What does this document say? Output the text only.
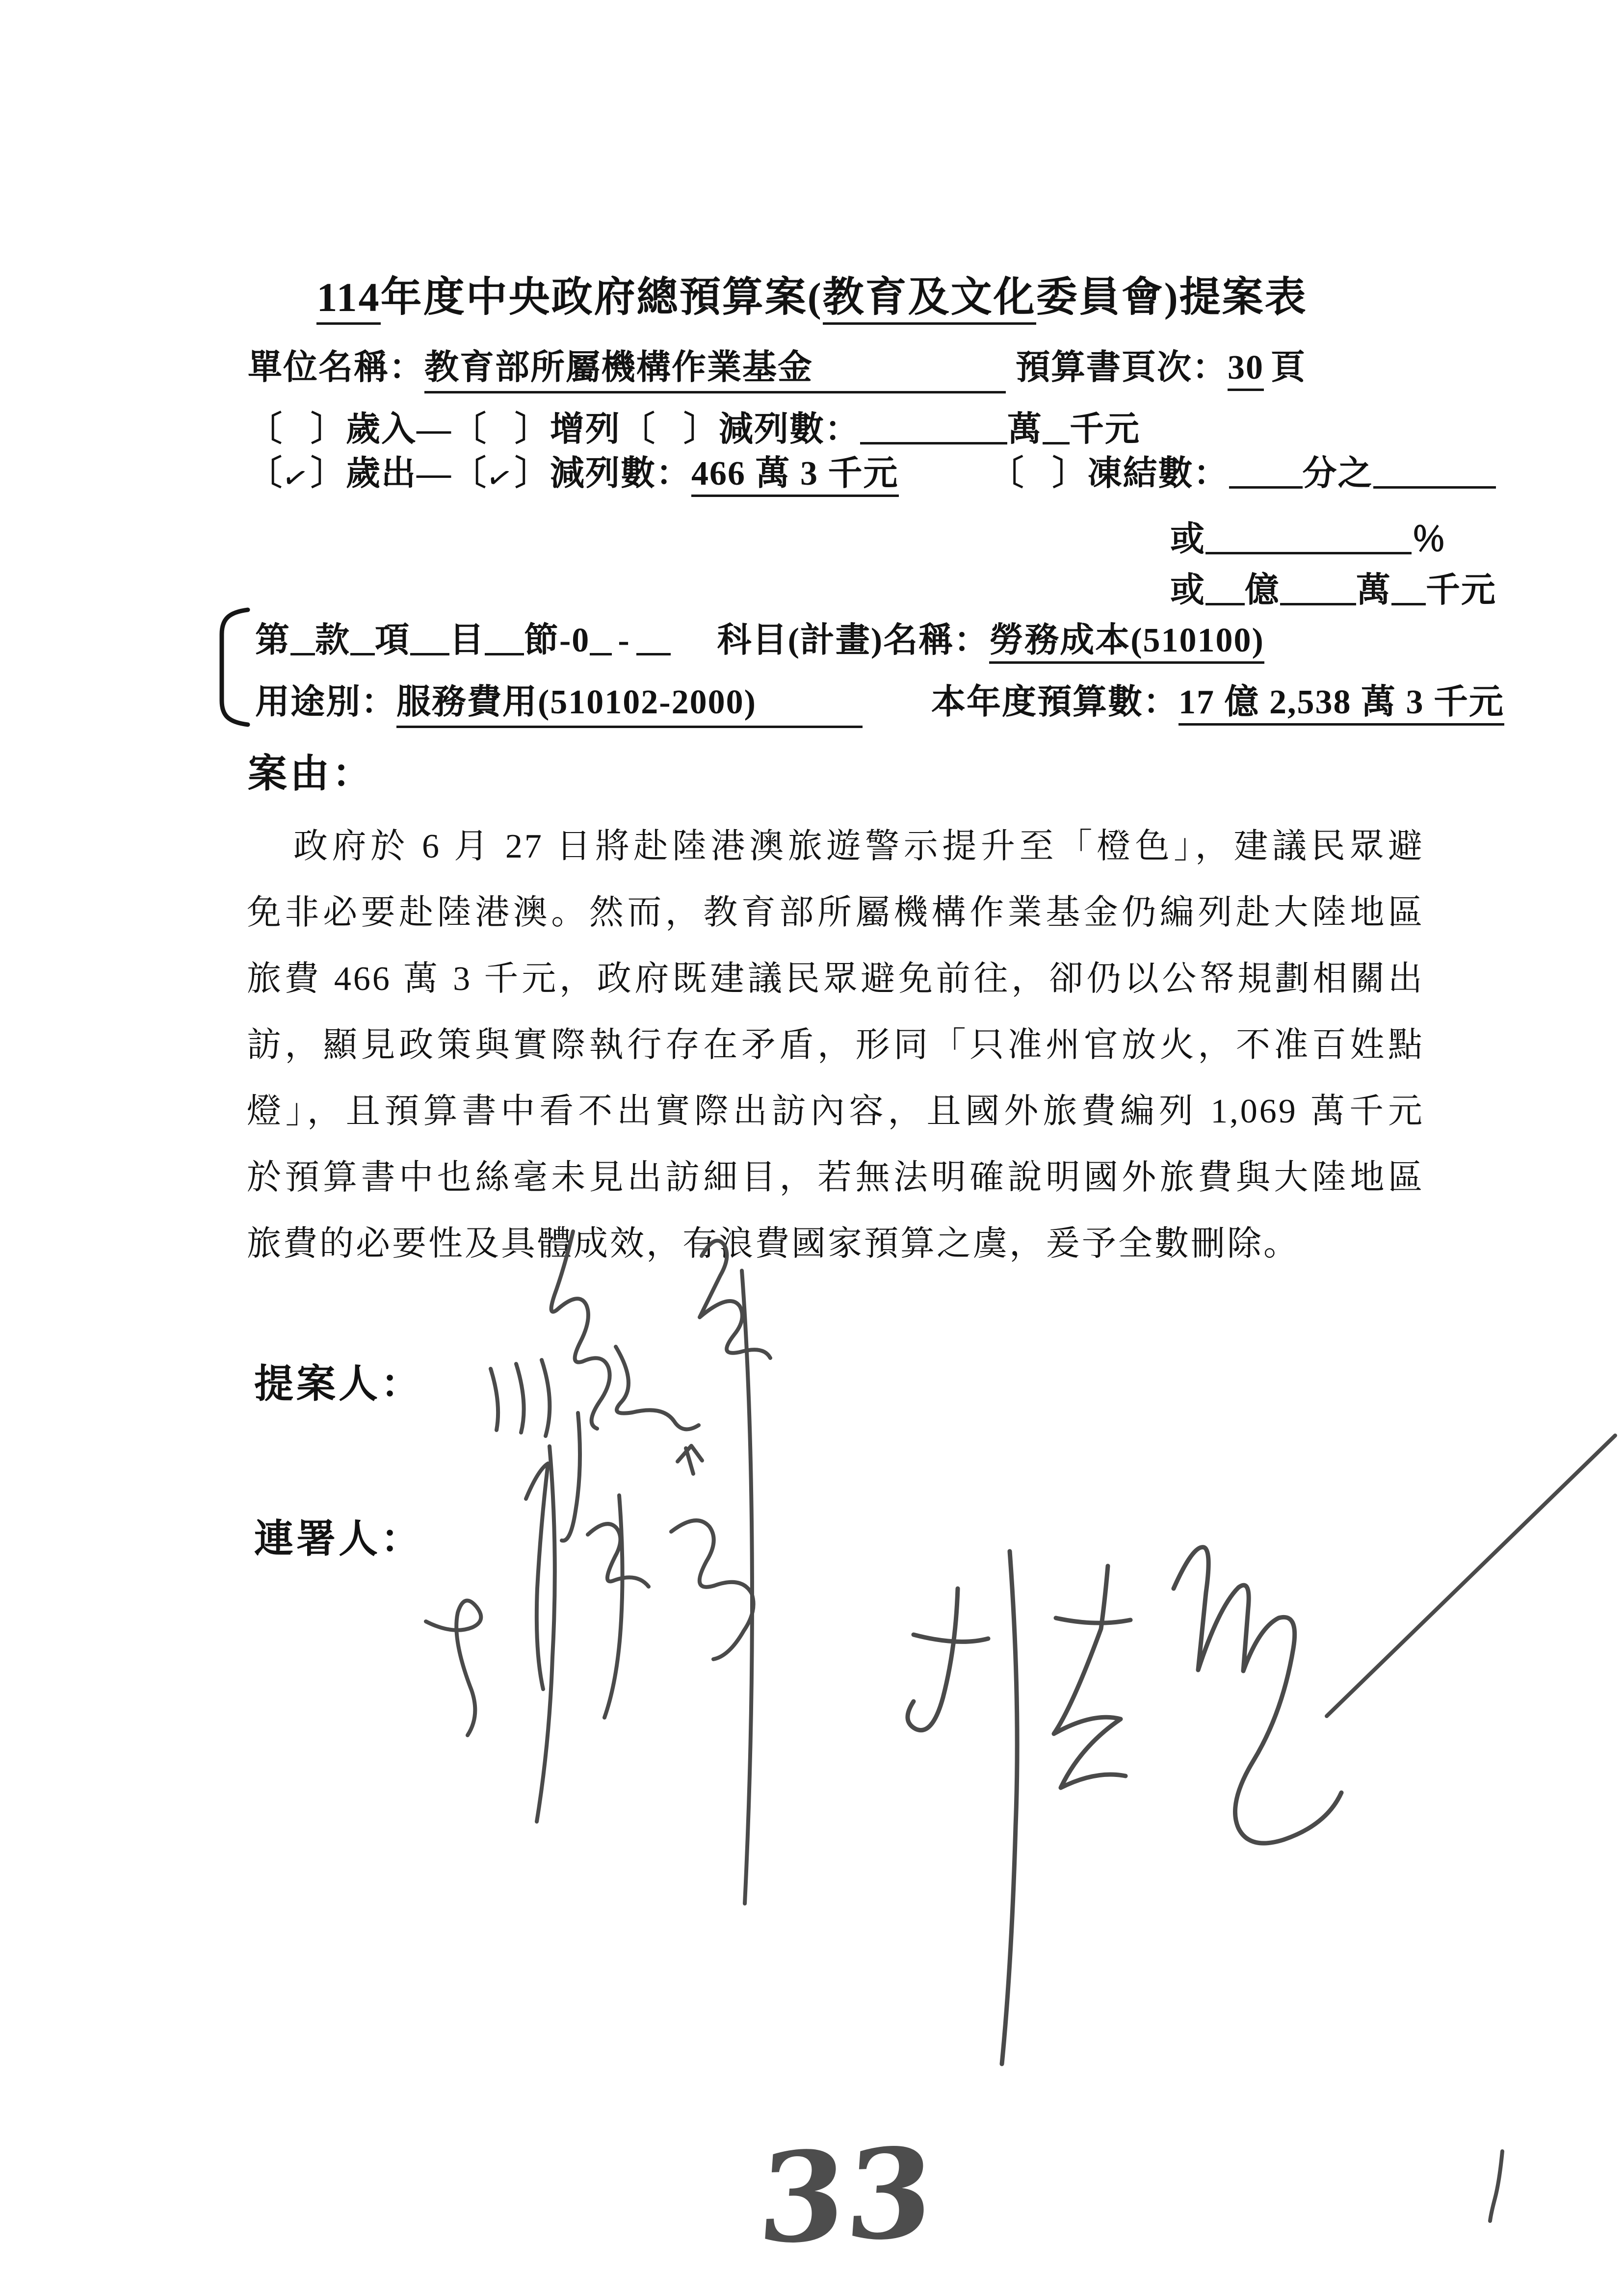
114年度中央政府總預算案(教育及文化委員會)提案表
單位名稱：教育部所屬機構作業基金	預算書頁次：30 頁
〔 〕歲入—〔 〕增列〔 〕減列數：	萬 千元
〔✓〕歲出—〔✓〕減列數：466 萬 3 千元	〔 〕凍結數： 分之
或	％
或 億 萬 千元
第 款 項 目 節-0 -	科目(計畫)名稱：勞務成本(510100)
用途別：服務費用(510102-2000)	本年度預算數：17 億 2,538 萬 3 千元
案由：
政府於 6 月 27 日將赴陸港澳旅遊警示提升至「橙色」，建議民眾避
免非必要赴陸港澳。然而，教育部所屬機構作業基金仍編列赴大陸地區
旅費 466 萬 3 千元，政府既建議民眾避免前往，卻仍以公帑規劃相關出
訪，顯見政策與實際執行存在矛盾，形同「只准州官放火，不准百姓點
燈」，且預算書中看不出實際出訪內容，且國外旅費編列 1,069 萬千元
於預算書中也絲毫未見出訪細目，若無法明確說明國外旅費與大陸地區
旅費的必要性及具體成效，有浪費國家預算之虞，爰予全數刪除。
提案人：
連署人：
33
